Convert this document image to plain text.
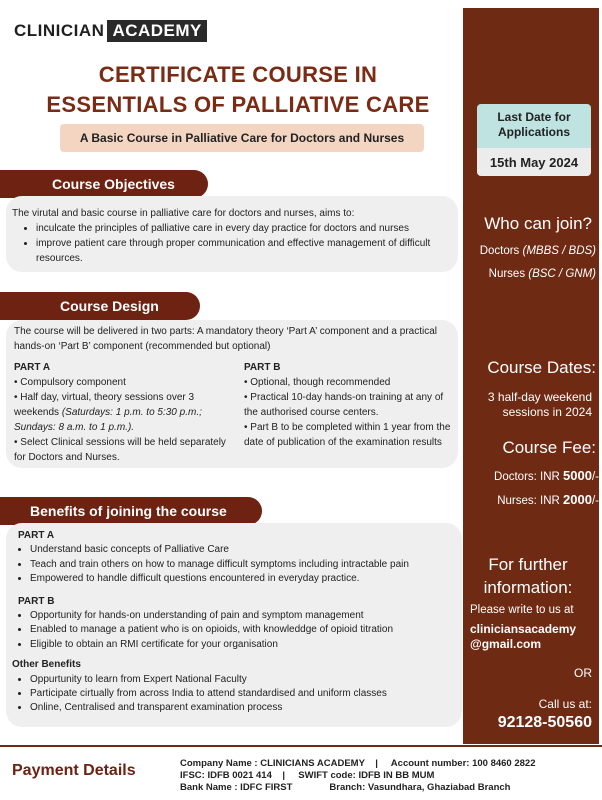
CLINICIAN ACADEMY
CERTIFICATE COURSE IN
ESSENTIALS OF PALLIATIVE CARE
A Basic Course in Palliative Care for Doctors and Nurses
Course Objectives
The virutal and basic course in palliative care for doctors and nurses, aims to:
• inculcate the principles of palliative care in every day practice for doctors and nurses
• improve patient care through proper communication and effective management of difficult resources.
Course Design
The course will be delivered in two parts: A mandatory theory ‘Part A’ component and a practical hands-on ‘Part B’ component (recommended but optional)
PART A
• Compulsory component
• Half day, virtual, theory sessions over 3 weekends (Saturdays: 1 p.m. to 5:30 p.m.; Sundays: 8 a.m. to 1 p.m.).
• Select Clinical sessions will be held separately for Doctors and Nurses.
PART B
• Optional, though recommended
• Practical 10-day hands-on training at any of the authorised course centers.
• Part B to be completed within 1 year from the date of publication of the examination results
Benefits of joining the course
PART A
• Understand basic concepts of Palliative Care
• Teach and train others on how to manage difficult symptoms including intractable pain
• Empowered to handle difficult questions encountered in everyday practice.
PART B
• Opportunity for hands-on understanding of pain and symptom management
• Enabled to manage a patient who is on opioids, with knowleddge of opioid titration
• Eligible to obtain an RMI certificate for your organisation
Other Benefits
• Oppurtunity to learn from Expert National Faculty
• Participate cirtually from across India to attend standardised and uniform classes
• Online, Centralised and transparent examination process
Last Date for Applications
15th May 2024
Who can join?
Doctors (MBBS / BDS)
Nurses (BSC / GNM)
Course Dates:
3 half-day weekend sessions in 2024
Course Fee:
Doctors: INR 5000/-
Nurses: INR 2000/-
For further information:
Please write to us at
cliniciansacademy @gmail.com
OR
Call us at:
92128-50560
Payment Details	Company Name : CLINICIANS ACADEMY    |     Account number: 100 8460 2822
IFSC: IDFB 0021 414    |     SWIFT code: IDFB IN BB MUM
Bank Name : IDFC FIRST              Branch: Vasundhara, Ghaziabad Branch
